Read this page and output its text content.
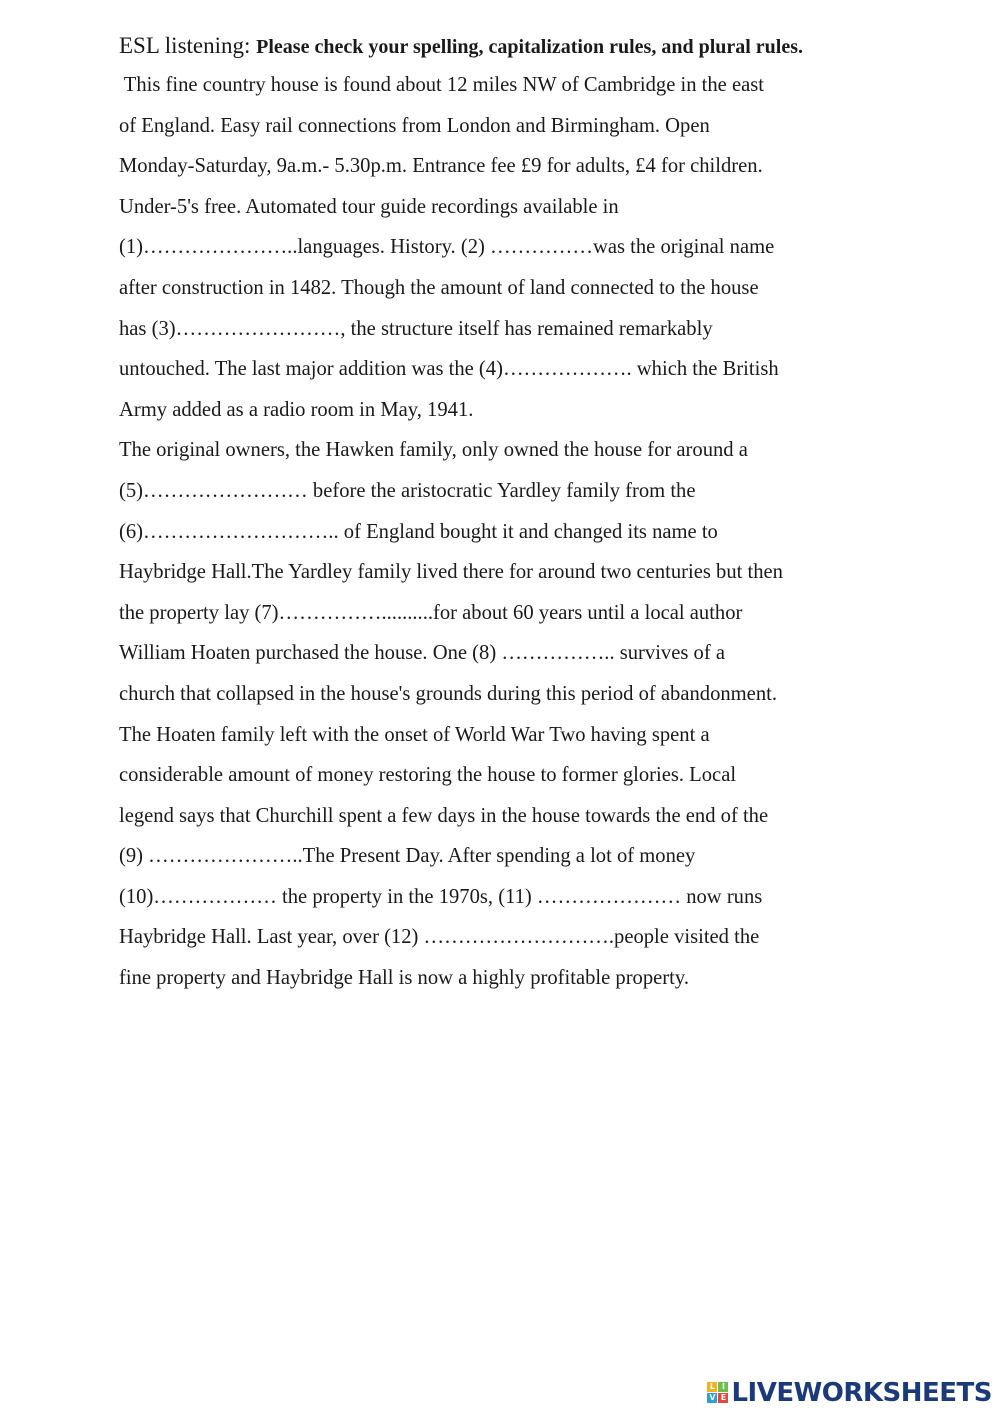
ESL listening: Please check your spelling, capitalization rules, and plural rules.
This fine country house is found about 12 miles NW of Cambridge in the east
of England. Easy rail connections from London and Birmingham. Open
Monday-Saturday, 9a.m.- 5.30p.m. Entrance fee £9 for adults, £4 for children.
Under-5's free. Automated tour guide recordings available in
(1)…………………..languages. History. (2) ……………was the original name
after construction in 1482. Though the amount of land connected to the house
has (3)……………………, the structure itself has remained remarkably
untouched. The last major addition was the (4)………………. which the British
Army added as a radio room in May, 1941.
The original owners, the Hawken family, only owned the house for around a
(5)…………………… before the aristocratic Yardley family from the
(6)……………………….. of England bought it and changed its name to
Haybridge Hall.The Yardley family lived there for around two centuries but then
the property lay (7)……………..........for about 60 years until a local author
William Hoaten purchased the house. One (8) …………….. survives of a
church that collapsed in the house's grounds during this period of abandonment.
The Hoaten family left with the onset of World War Two having spent a
considerable amount of money restoring the house to former glories. Local
legend says that Churchill spent a few days in the house towards the end of the
(9) …………………..The Present Day. After spending a lot of money
(10)……………… the property in the 1970s, (11) ………………… now runs
Haybridge Hall. Last year, over (12) ……………………….people visited the
fine property and Haybridge Hall is now a highly profitable property.
L I
V E LIVEWORKSHEETS
